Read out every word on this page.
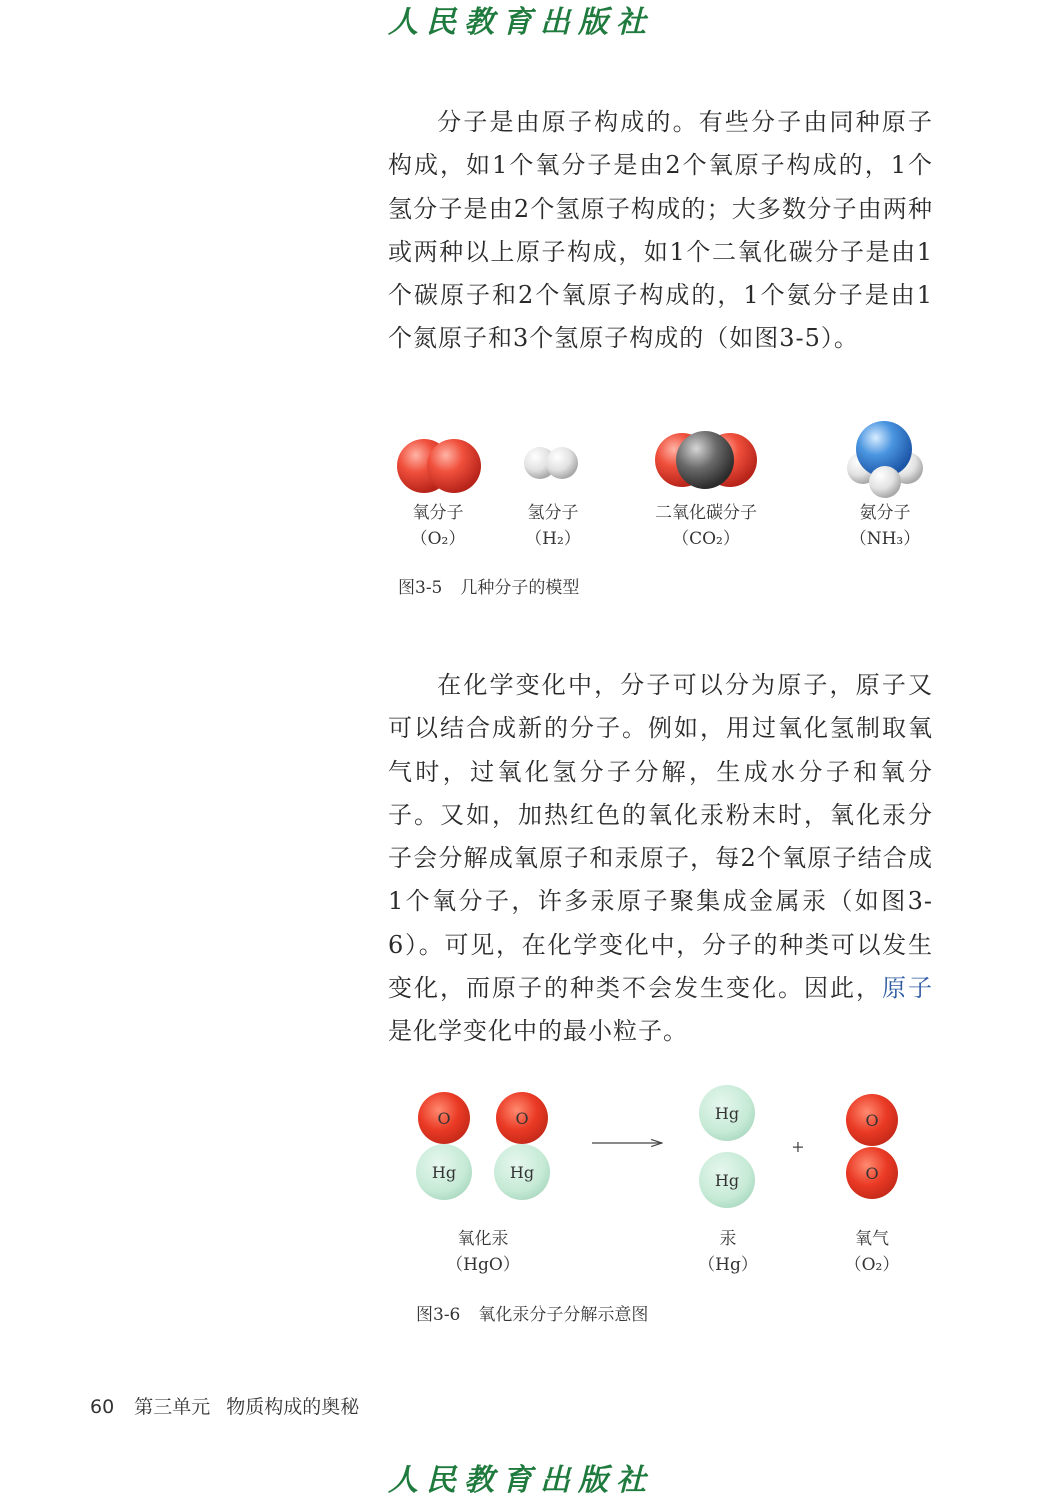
人民教育出版社

分子是由原子构成的。有些分子由同种原子构成，如1个氧分子是由2个氧原子构成的，1个氢分子是由2个氢原子构成的；大多数分子由两种或两种以上原子构成，如1个二氧化碳分子是由1个碳原子和2个氧原子构成的，1个氨分子是由1个氮原子和3个氢原子构成的（如图3-5）。

氧分子
（O₂）
氢分子
（H₂）
二氧化碳分子
（CO₂）
氨分子
（NH₃）
图3-5 几种分子的模型

在化学变化中，分子可以分为原子，原子又可以结合成新的分子。例如，用过氧化氢制取氧气时，过氧化氢分子分解，生成水分子和氧分子。又如，加热红色的氧化汞粉末时，氧化汞分子会分解成氧原子和汞原子，每2个氧原子结合成1个氧分子，许多汞原子聚集成金属汞（如图3-6）。可见，在化学变化中，分子的种类可以发生变化，而原子的种类不会发生变化。因此，原子是化学变化中的最小粒子。

O
Hg
O
Hg
Hg
Hg
+
O
O
氧化汞
（HgO）
汞
（Hg）
氧气
（O₂）
图3-6 氧化汞分子分解示意图
60 第三单元 物质构成的奥秘
人民教育出版社
